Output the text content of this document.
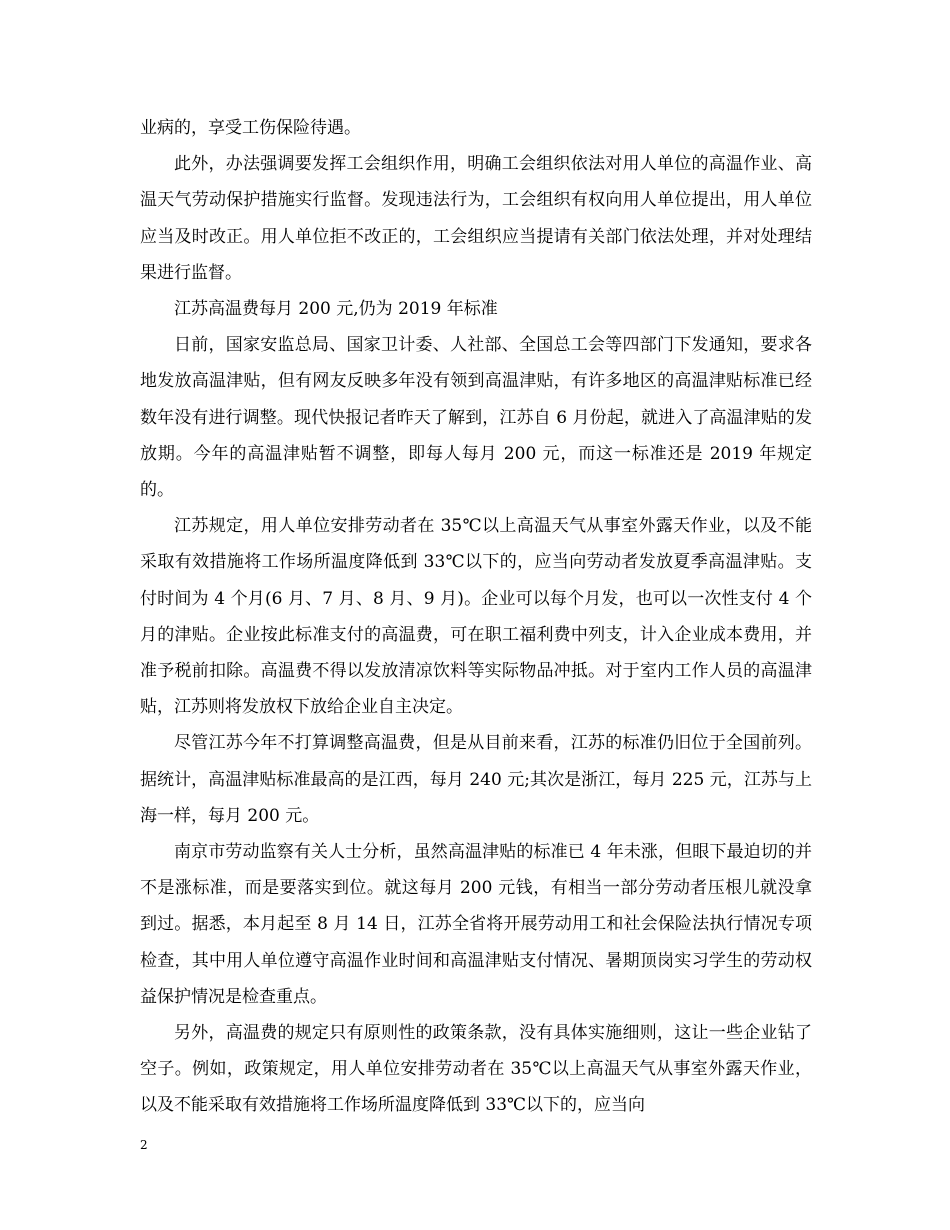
业病的，享受工伤保险待遇。

此外，办法强调要发挥工会组织作用，明确工会组织依法对用人单位的高温作业、高温天气劳动保护措施实行监督。发现违法行为，工会组织有权向用人单位提出，用人单位应当及时改正。用人单位拒不改正的，工会组织应当提请有关部门依法处理，并对处理结果进行监督。

江苏高温费每月 200 元,仍为 2019 年标准

日前，国家安监总局、国家卫计委、人社部、全国总工会等四部门下发通知，要求各地发放高温津贴，但有网友反映多年没有领到高温津贴，有许多地区的高温津贴标准已经数年没有进行调整。现代快报记者昨天了解到，江苏自 6 月份起，就进入了高温津贴的发放期。今年的高温津贴暂不调整，即每人每月 200 元，而这一标准还是 2019 年规定的。

江苏规定，用人单位安排劳动者在 35℃以上高温天气从事室外露天作业，以及不能采取有效措施将工作场所温度降低到 33℃以下的，应当向劳动者发放夏季高温津贴。支付时间为 4 个月(6 月、7 月、8 月、9 月)。企业可以每个月发，也可以一次性支付 4 个月的津贴。企业按此标准支付的高温费，可在职工福利费中列支，计入企业成本费用，并准予税前扣除。高温费不得以发放清凉饮料等实际物品冲抵。对于室内工作人员的高温津贴，江苏则将发放权下放给企业自主决定。

尽管江苏今年不打算调整高温费，但是从目前来看，江苏的标准仍旧位于全国前列。据统计，高温津贴标准最高的是江西，每月 240 元;其次是浙江，每月 225 元，江苏与上海一样，每月 200 元。

南京市劳动监察有关人士分析，虽然高温津贴的标准已 4 年未涨，但眼下最迫切的并不是涨标准，而是要落实到位。就这每月 200 元钱，有相当一部分劳动者压根儿就没拿到过。据悉，本月起至 8 月 14 日，江苏全省将开展劳动用工和社会保险法执行情况专项检查，其中用人单位遵守高温作业时间和高温津贴支付情况、暑期顶岗实习学生的劳动权益保护情况是检查重点。

另外，高温费的规定只有原则性的政策条款，没有具体实施细则，这让一些企业钻了空子。例如，政策规定，用人单位安排劳动者在 35℃以上高温天气从事室外露天作业，以及不能采取有效措施将工作场所温度降低到 33℃以下的，应当向

2
